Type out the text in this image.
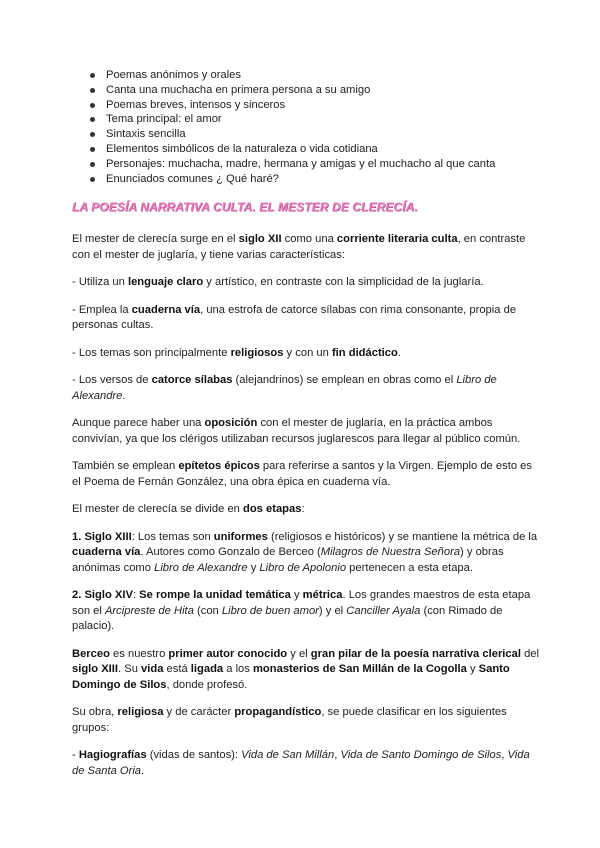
Poemas anónimos y orales
Canta una muchacha en primera persona a su amigo
Poemas breves, intensos y sinceros
Tema principal: el amor
Sintaxis sencilla
Elementos simbólicos de la naturaleza o vida cotidiana
Personajes: muchacha, madre, hermana y amigas y el muchacho al que canta
Enunciados comunes ¿ Qué haré?
LA POESÍA NARRATIVA CULTA. EL MESTER DE CLERECÍA.

El mester de clerecía surge en el siglo XII como una corriente literaria culta, en contraste con el mester de juglaría, y tiene varias características:

- Utiliza un lenguaje claro y artístico, en contraste con la simplicidad de la juglaría.

- Emplea la cuaderna vía, una estrofa de catorce sílabas con rima consonante, propia de personas cultas.

- Los temas son principalmente religiosos y con un fin didáctico.

- Los versos de catorce sílabas (alejandrinos) se emplean en obras como el Libro de Alexandre.

Aunque parece haber una oposición con el mester de juglaría, en la práctica ambos convivían, ya que los clérigos utilizaban recursos juglarescos para llegar al público común.

También se emplean epítetos épicos para referirse a santos y la Virgen. Ejemplo de esto es el Poema de Fernán González, una obra épica en cuaderna vía.

El mester de clerecía se divide en dos etapas:

1. Siglo XIII: Los temas son uniformes (religiosos e históricos) y se mantiene la métrica de la cuaderna vía. Autores como Gonzalo de Berceo (Milagros de Nuestra Señora) y obras anónimas como Libro de Alexandre y Libro de Apolonio pertenecen a esta etapa.

2. Siglo XIV: Se rompe la unidad temática y métrica. Los grandes maestros de esta etapa son el Arcipreste de Hita (con Libro de buen amor) y el Canciller Ayala (con Rimado de palacio).

Berceo es nuestro primer autor conocido y el gran pilar de la poesía narrativa clerical del siglo XIII. Su vida está ligada a los monasterios de San Millán de la Cogolla y Santo Domingo de Silos, donde profesó.

Su obra, religiosa y de carácter propagandístico, se puede clasificar en los siguientes grupos:

- Hagiografías (vidas de santos): Vida de San Millán, Vida de Santo Domingo de Silos, Vida de Santa Oria.
